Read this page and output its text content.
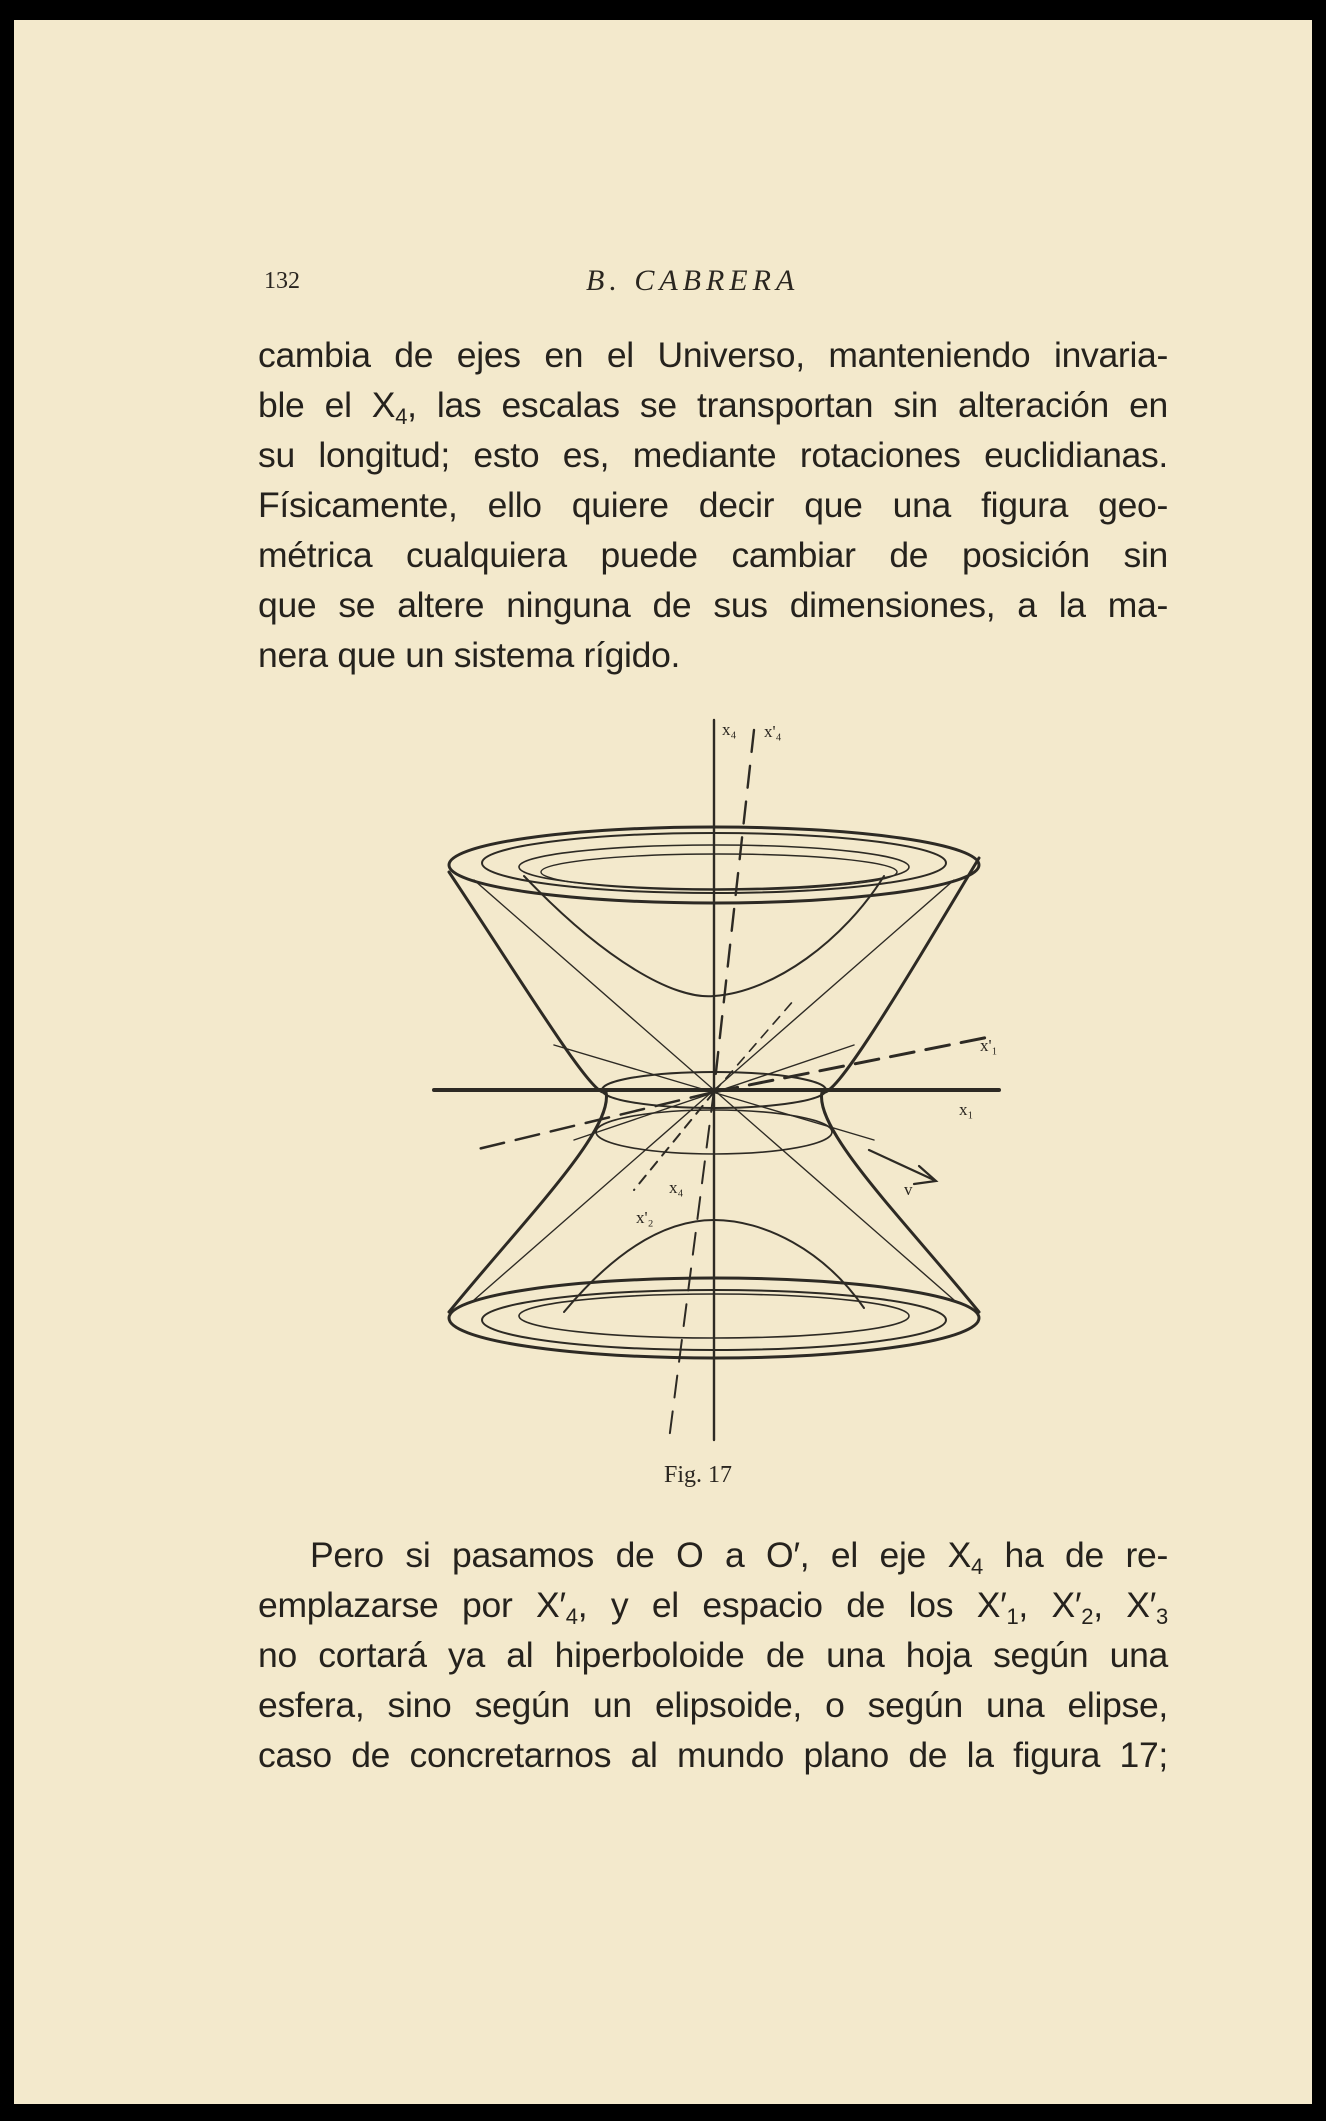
132	B. CABRERA
cambia de ejes en el Universo, manteniendo invaria-
ble el $X_4$, las escalas se transportan sin alteración en
su longitud; esto es, mediante rotaciones euclidianas.
Físicamente, ello quiere decir que una figura geo-
métrica cualquiera puede cambiar de posición sin
que se altere ninguna de sus dimensiones, a la ma-
nera que un sistema rígido.
x₄ x'₄
x'₁
x₁
x₄
x'₂
v
Fig. 17
Pero si pasamos de O a O′, el eje $X_4$ ha de re-
emplazarse por $X'_4$, y el espacio de los $X'_1$, $X'_2$, $X'_3$
no cortará ya al hiperboloide de una hoja según una
esfera, sino según un elipsoide, o según una elipse,
caso de concretarnos al mundo plano de la figura 17;
